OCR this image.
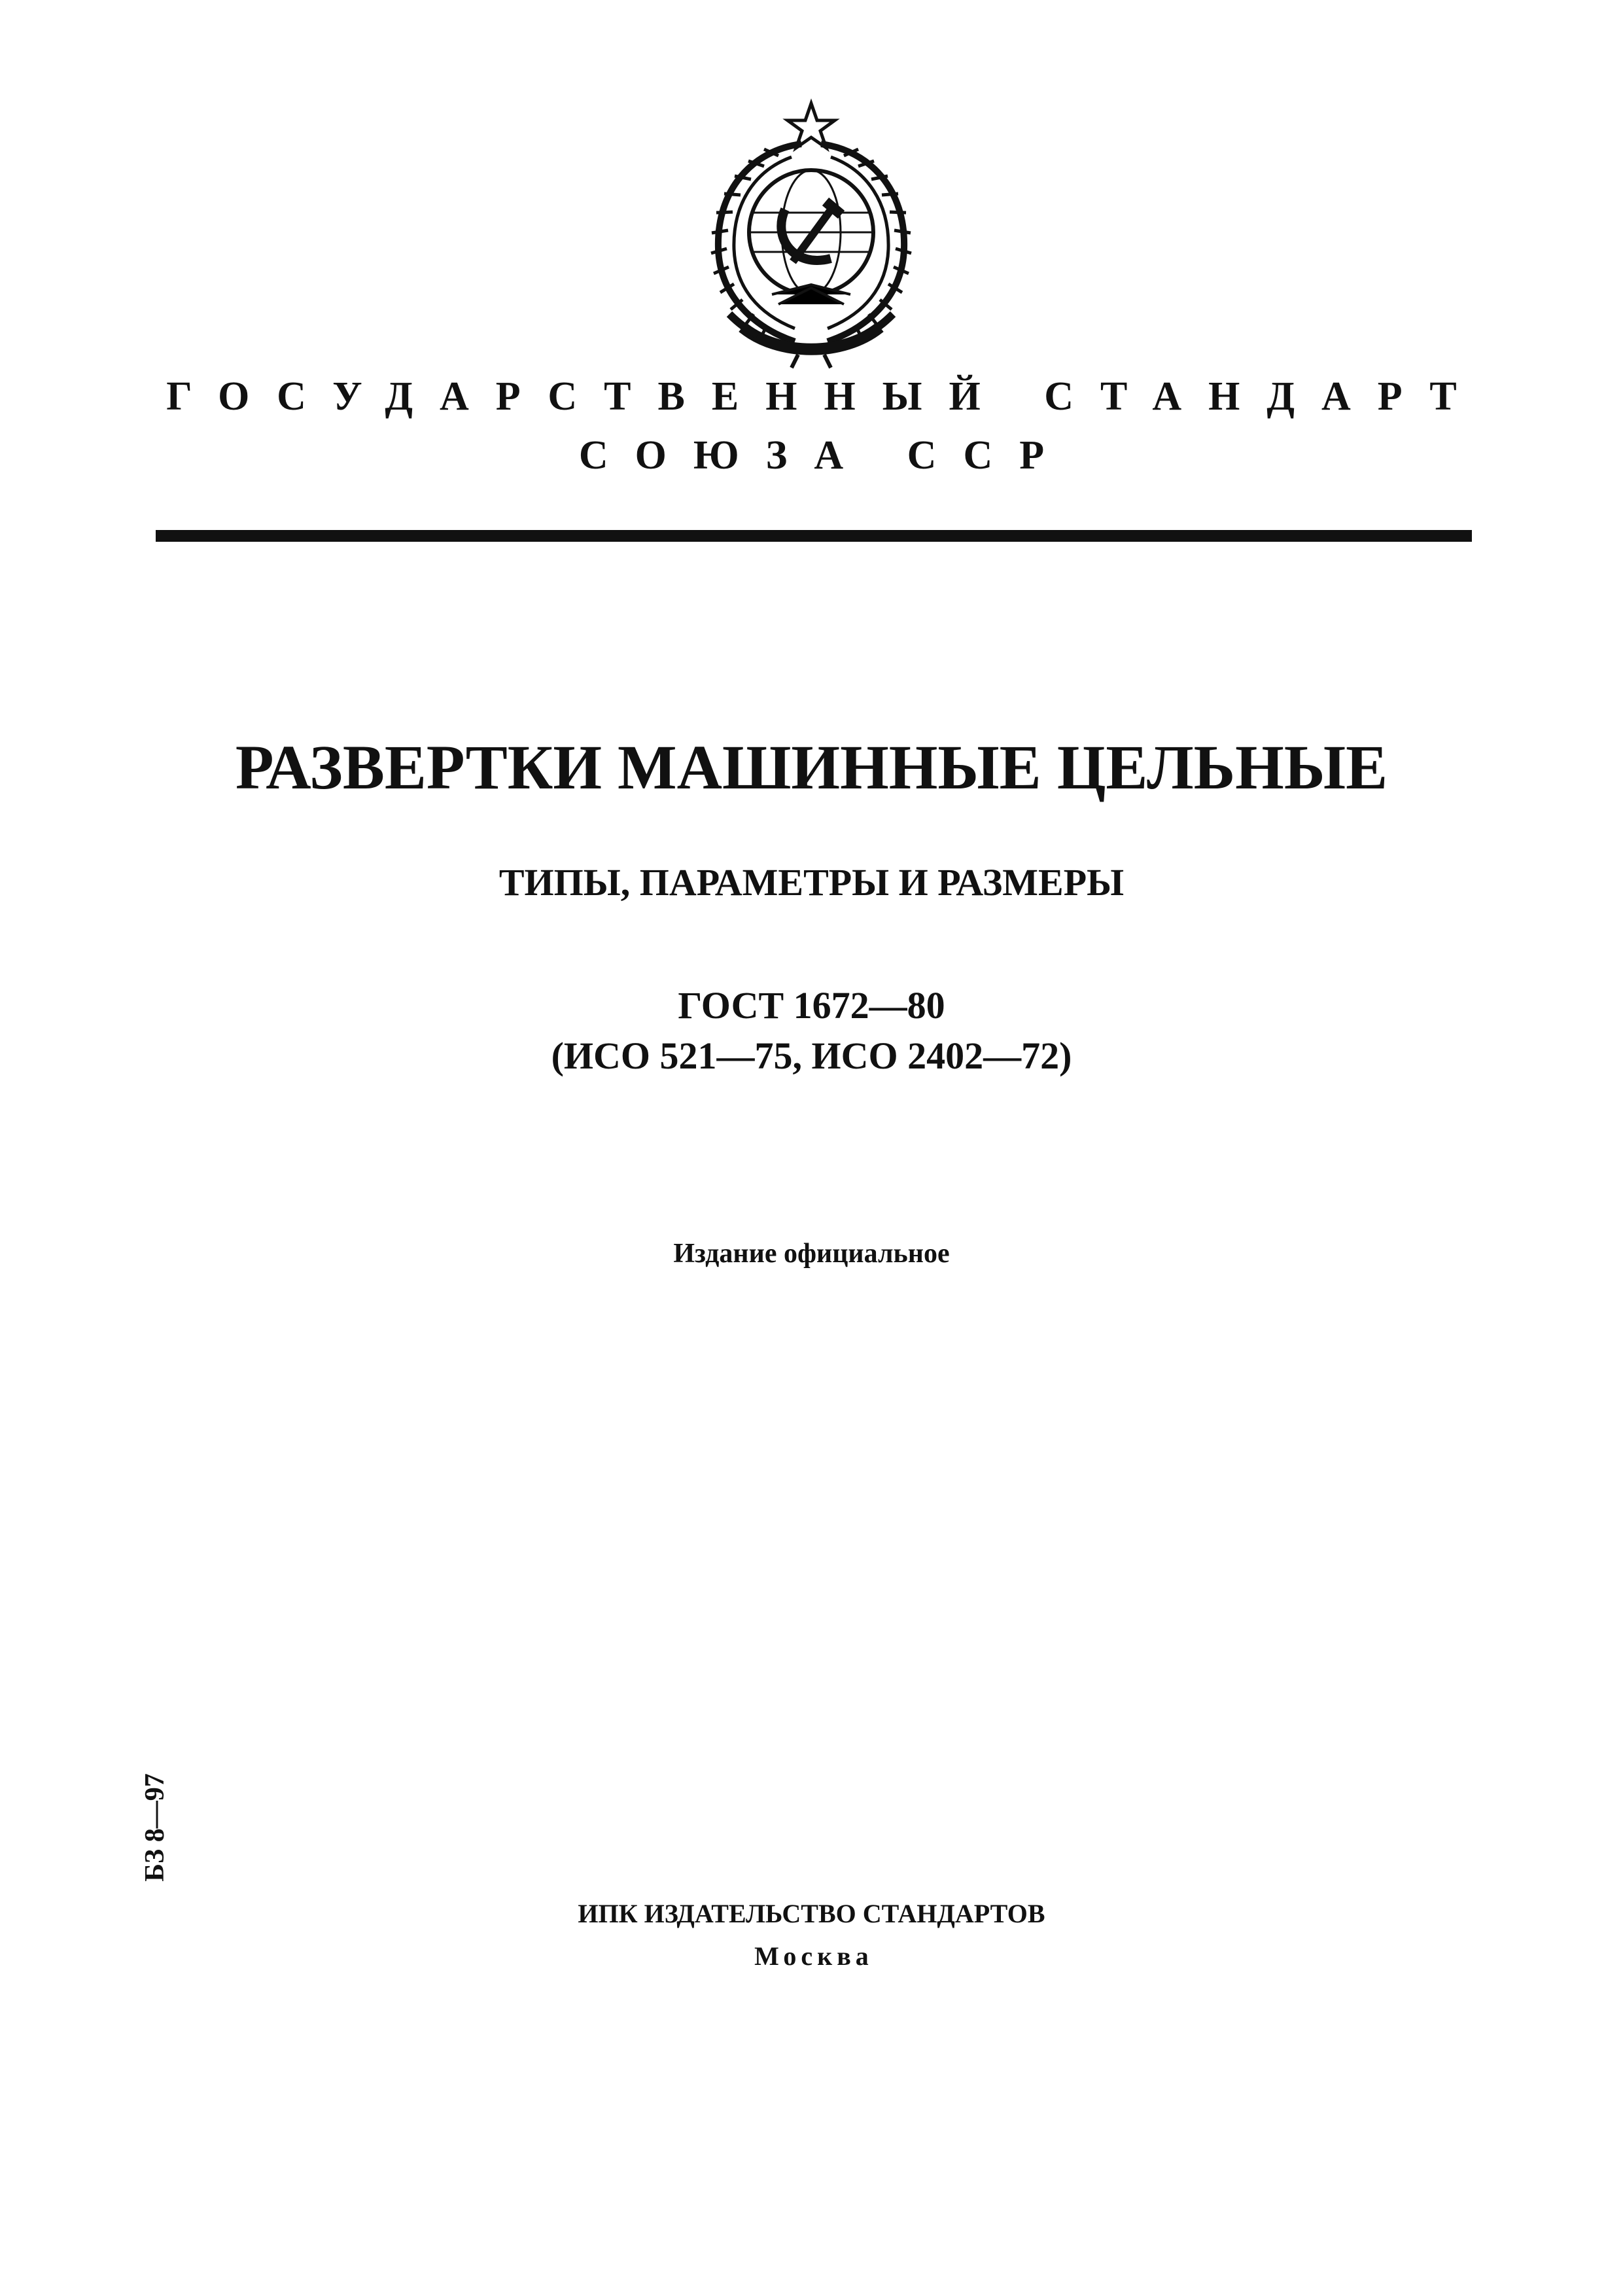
ГОСУДАРСТВЕННЫЙ СТАНДАРТ
СОЮЗА ССР
РАЗВЕРТКИ МАШИННЫЕ ЦЕЛЬНЫЕ
ТИПЫ, ПАРАМЕТРЫ И РАЗМЕРЫ
ГОСТ 1672—80
(ИСО 521—75, ИСО 2402—72)
Издание официальное
БЗ 8—97
ИПК ИЗДАТЕЛЬСТВО СТАНДАРТОВ
Москва
